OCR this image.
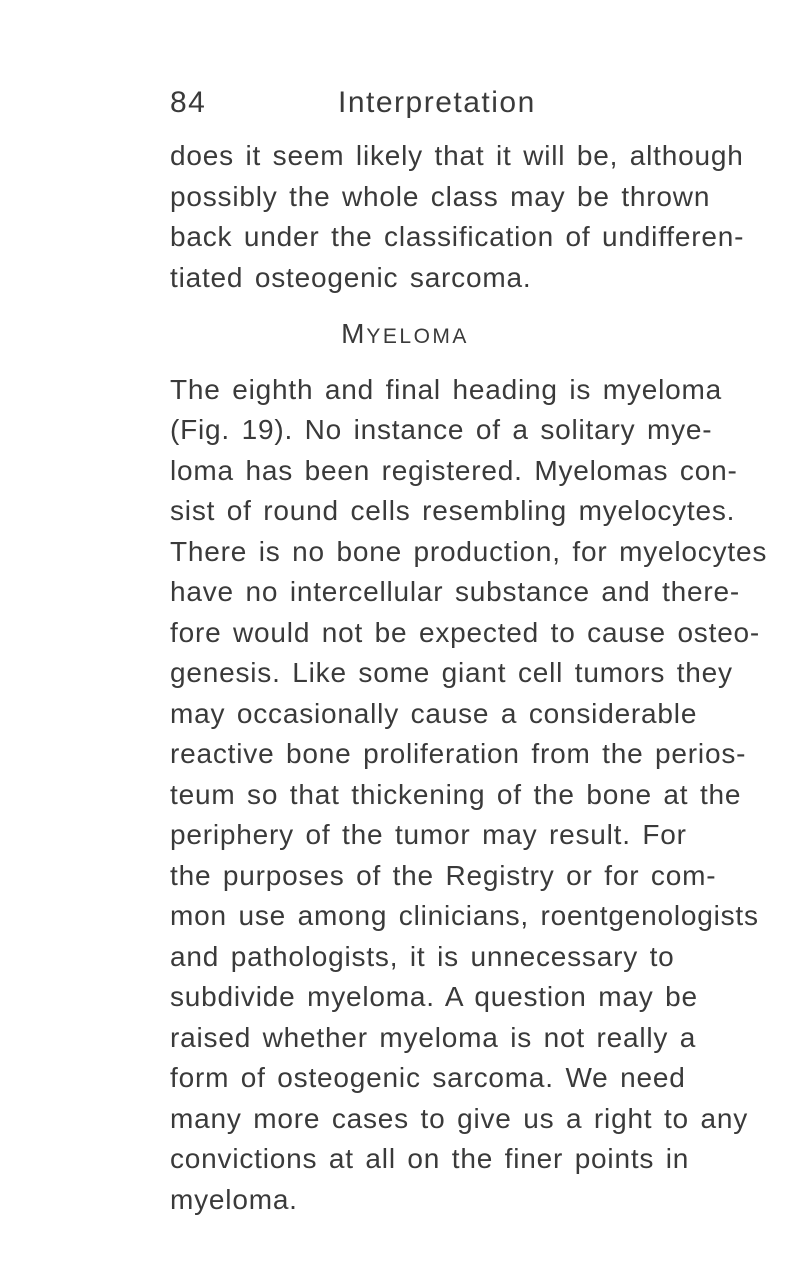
84	Interpretation
does it seem likely that it will be, although
possibly the whole class may be thrown
back under the classification of undifferen-
tiated osteogenic sarcoma.
MYELOMA
The eighth and final heading is myeloma
(Fig. 19). No instance of a solitary mye-
loma has been registered. Myelomas con-
sist of round cells resembling myelocytes.
There is no bone production, for myelocytes
have no intercellular substance and there-
fore would not be expected to cause osteo-
genesis. Like some giant cell tumors they
may occasionally cause a considerable
reactive bone proliferation from the perios-
teum so that thickening of the bone at the
periphery of the tumor may result. For
the purposes of the Registry or for com-
mon use among clinicians, roentgenologists
and pathologists, it is unnecessary to
subdivide myeloma. A question may be
raised whether myeloma is not really a
form of osteogenic sarcoma. We need
many more cases to give us a right to any
convictions at all on the finer points in
myeloma.
